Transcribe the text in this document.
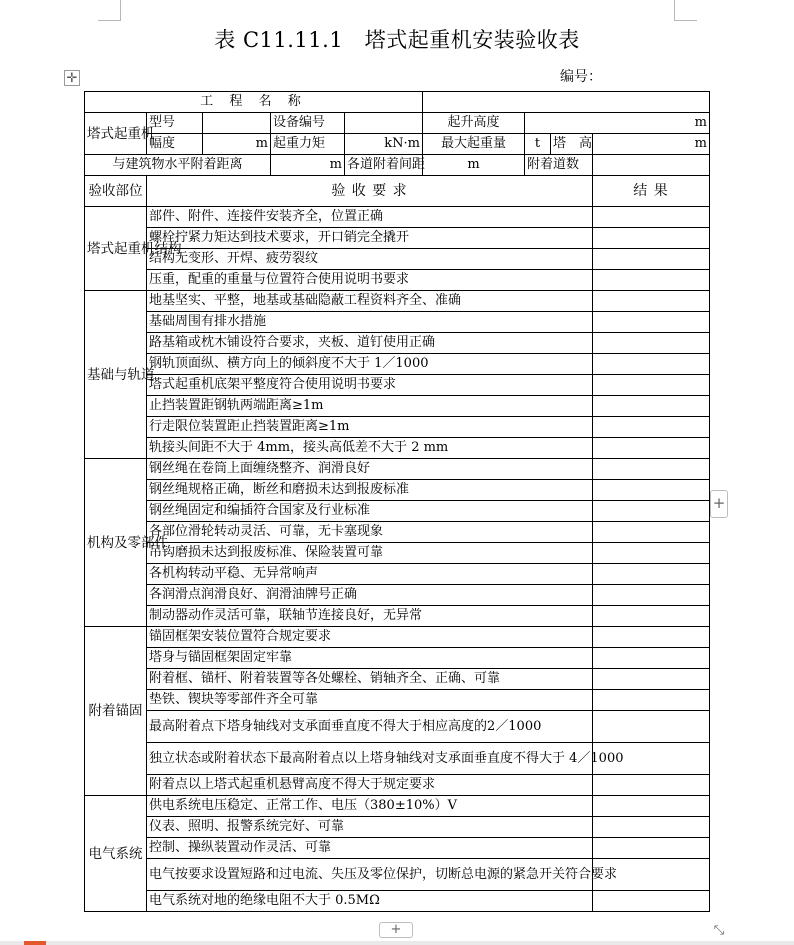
表 C11.11.1　塔式起重机安装验收表
✛	编号：
工 程 名 称								
塔式起重机	型号		设备编号		起升高度	m		
	幅度	m	起重力矩	kN·m	最大起重量	t	塔　高	m
与建筑物水平附着距离			m	各道附着间距	m	附着道数		
验收部位	验 收 要 求							结 果
塔式起重机结构	部件、附件、连接件安装齐全，位置正确							
	螺栓拧紧力矩达到技术要求，开口销完全撬开							
	结构无变形、开焊、疲劳裂纹							
	压重，配重的重量与位置符合使用说明书要求							
基础与轨道	地基坚实、平整，地基或基础隐蔽工程资料齐全、准确							
	基础周围有排水措施							
	路基箱或枕木铺设符合要求，夹板、道钉使用正确							
	钢轨顶面纵、横方向上的倾斜度不大于 1／1000							
	塔式起重机底架平整度符合使用说明书要求							
	止挡装置距钢轨两端距离≥1m							
	行走限位装置距止挡装置距离≥1m							
	轨接头间距不大于 4mm，接头高低差不大于 2 mm							
机构及零部件	钢丝绳在卷筒上面缠绕整齐、润滑良好							
	钢丝绳规格正确，断丝和磨损未达到报废标准							
	钢丝绳固定和编插符合国家及行业标准							
	各部位滑轮转动灵活、可靠，无卡塞现象							
	吊钩磨损未达到报废标准、保险装置可靠							
	各机构转动平稳、无异常响声							
	各润滑点润滑良好、润滑油牌号正确							
	制动器动作灵活可靠，联轴节连接良好，无异常							
附着锚固	锚固框架安装位置符合规定要求							
	塔身与锚固框架固定牢靠							
	附着框、锚杆、附着装置等各处螺栓、销轴齐全、正确、可靠							
	垫铁、锲块等零部件齐全可靠							
	最高附着点下塔身轴线对支承面垂直度不得大于相应高度的2／1000							
	独立状态或附着状态下最高附着点以上塔身轴线对支承面垂直度不得大于 4／1000							
	附着点以上塔式起重机悬臂高度不得大于规定要求							
电气系统	供电系统电压稳定、正常工作、电压（380±10%）V							
	仪表、照明、报警系统完好、可靠							
	控制、操纵装置动作灵活、可靠							
	电气按要求设置短路和过电流、失压及零位保护，切断总电源的紧急开关符合要求							
	电气系统对地的绝缘电阻不大于 0.5MΩ							
+
+	⤡
